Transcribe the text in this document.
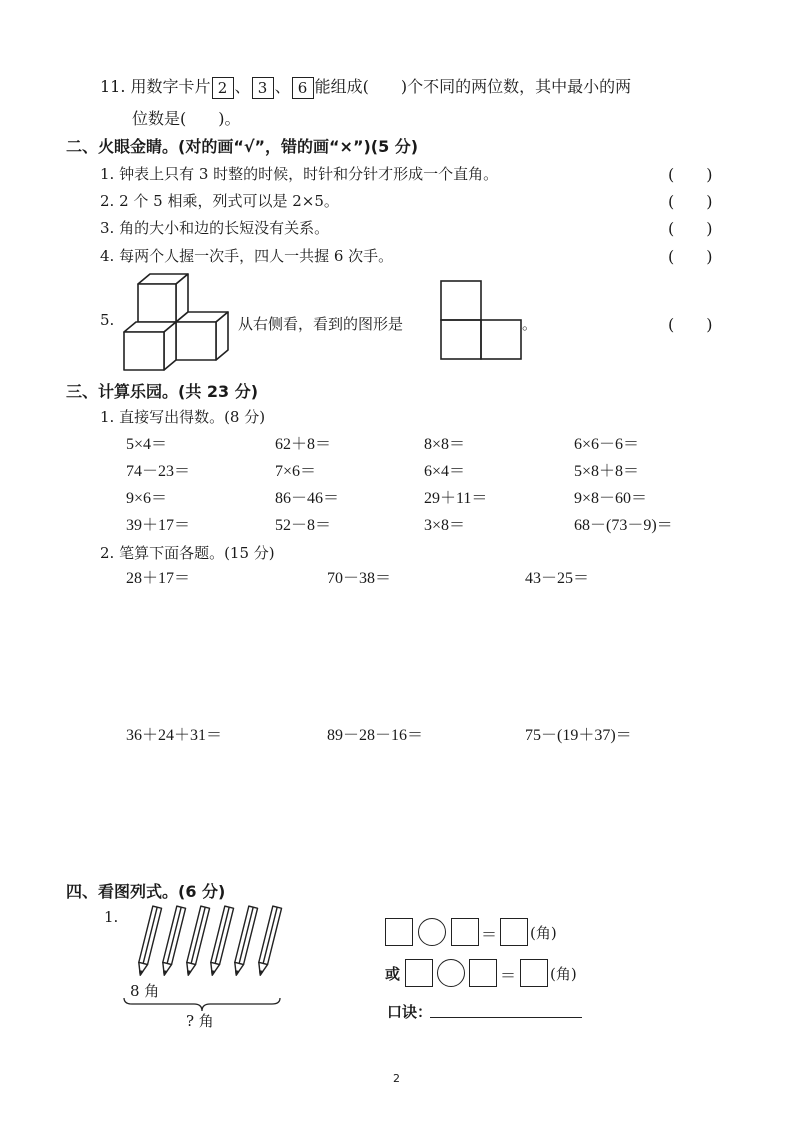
11. 用数字卡片 2 、 3 、 6 能组成(　　)个不同的两位数，其中最小的两
位数是(　　)。
二、火眼金睛。(对的画“√”，错的画“×”)(5 分)
1. 钟表上只有 3 时整的时候，时针和分针才形成一个直角。	(　　)
2. 2 个 5 相乘，列式可以是 2×5。	(　　)
3. 角的大小和边的长短没有关系。	(　　)
4. 每两个人握一次手，四人一共握 6 次手。	(　　)
5.	从右侧看，看到的图形是	。	(　　)
三、计算乐园。(共 23 分)
1. 直接写出得数。(8 分)
5×4＝	62＋8＝	8×8＝	6×6－6＝
74－23＝	7×6＝	6×4＝	5×8＋8＝
9×6＝	86－46＝	29＋11＝	9×8－60＝
39＋17＝	52－8＝	3×8＝	68－(73－9)＝
2. 笔算下面各题。(15 分)
28＋17＝	70－38＝	43－25＝
36＋24＋31＝	89－28－16＝	75－(19＋37)＝
四、看图列式。(6 分)
1.
8 角
? 角
＝ (角)
或	＝ (角)
口诀：
2
